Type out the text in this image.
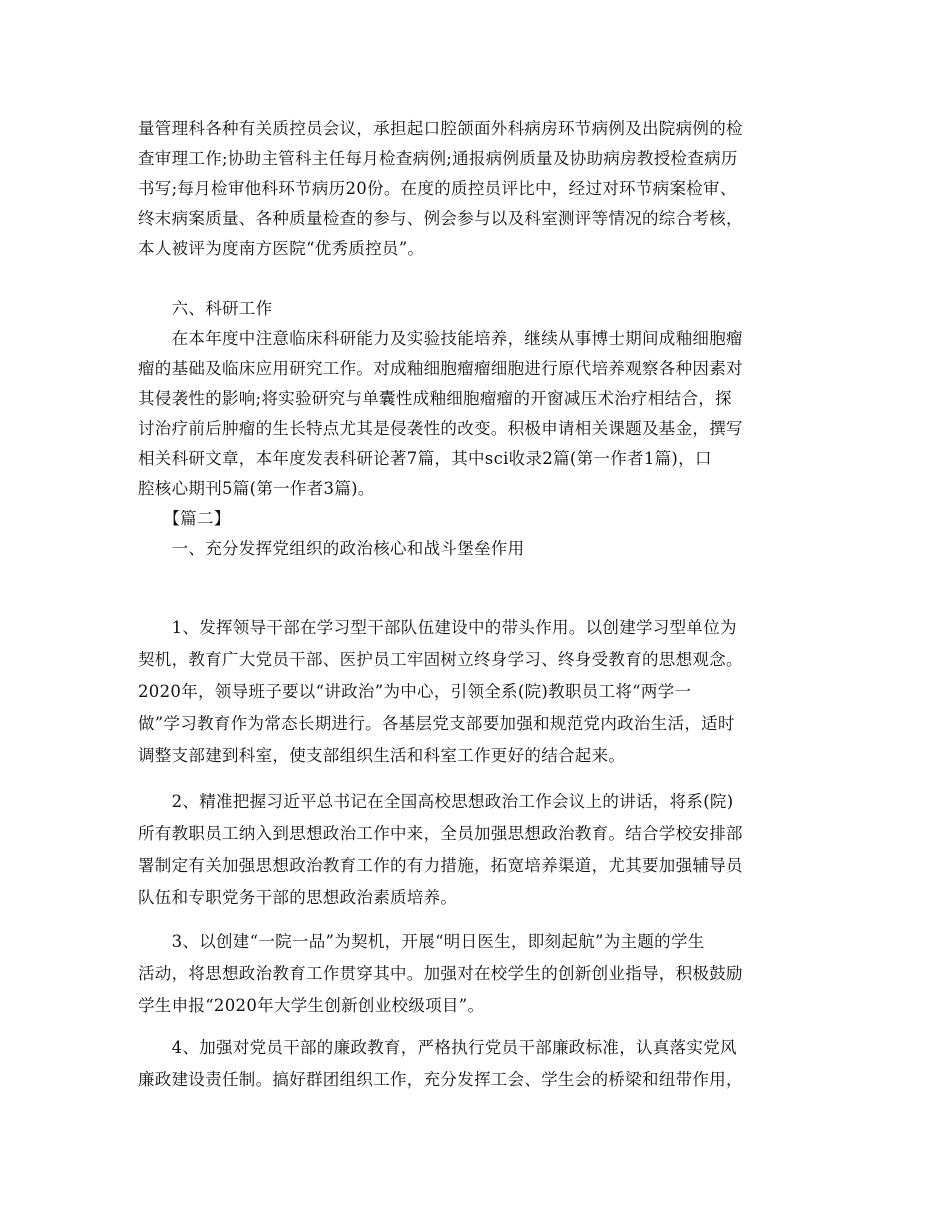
量管理科各种有关质控员会议，承担起口腔颌面外科病房环节病例及出院病例的检
查审理工作;协助主管科主任每月检查病例;通报病例质量及协助病房教授检查病历
书写;每月检审他科环节病历20份。在度的质控员评比中，经过对环节病案检审、
终末病案质量、各种质量检查的参与、例会参与以及科室测评等情况的综合考核，
本人被评为度南方医院“优秀质控员”。
　　六、科研工作
　　在本年度中注意临床科研能力及实验技能培养，继续从事博士期间成釉细胞瘤
瘤的基础及临床应用研究工作。对成釉细胞瘤瘤细胞进行原代培养观察各种因素对
其侵袭性的影响;将实验研究与单囊性成釉细胞瘤瘤的开窗减压术治疗相结合，探
讨治疗前后肿瘤的生长特点尤其是侵袭性的改变。积极申请相关课题及基金，撰写
相关科研文章，本年度发表科研论著7篇，其中sci收录2篇(第一作者1篇)，口
腔核心期刊5篇(第一作者3篇)。
　　【篇二】
　　一、充分发挥党组织的政治核心和战斗堡垒作用
　　1、发挥领导干部在学习型干部队伍建设中的带头作用。以创建学习型单位为
契机，教育广大党员干部、医护员工牢固树立终身学习、终身受教育的思想观念。
2020年，领导班子要以“讲政治”为中心，引领全系(院)教职员工将“两学一
做”学习教育作为常态长期进行。各基层党支部要加强和规范党内政治生活，适时
调整支部建到科室，使支部组织生活和科室工作更好的结合起来。
　　2、精准把握习近平总书记在全国高校思想政治工作会议上的讲话，将系(院)
所有教职员工纳入到思想政治工作中来，全员加强思想政治教育。结合学校安排部
署制定有关加强思想政治教育工作的有力措施，拓宽培养渠道，尤其要加强辅导员
队伍和专职党务干部的思想政治素质培养。
　　3、以创建“一院一品”为契机，开展“明日医生，即刻起航”为主题的学生
活动，将思想政治教育工作贯穿其中。加强对在校学生的创新创业指导，积极鼓励
学生申报“2020年大学生创新创业校级项目”。
　　4、加强对党员干部的廉政教育，严格执行党员干部廉政标准，认真落实党风
廉政建设责任制。搞好群团组织工作，充分发挥工会、学生会的桥梁和纽带作用，
